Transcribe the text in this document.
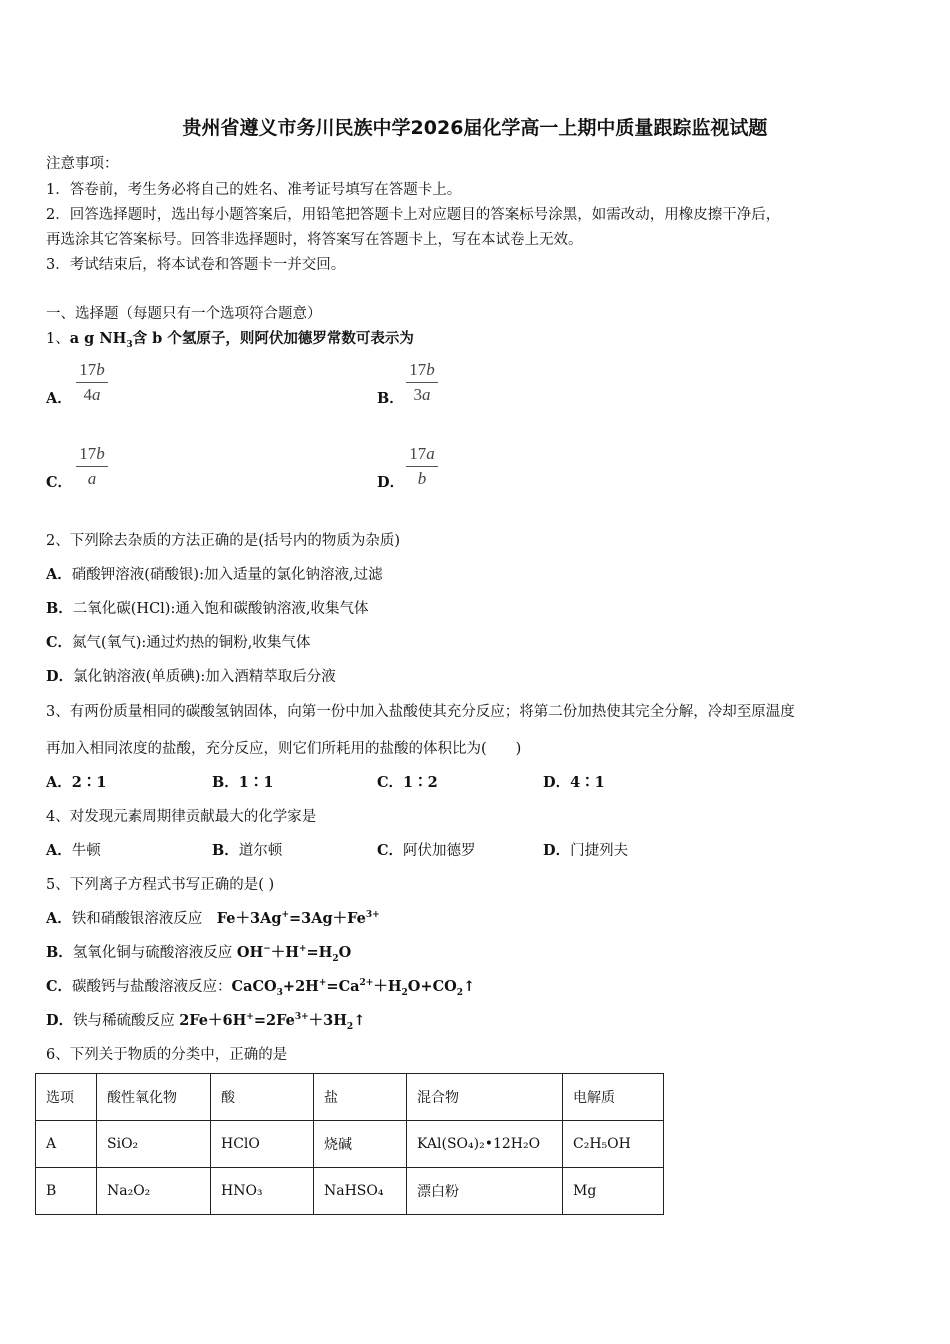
贵州省遵义市务川民族中学2026届化学高一上期中质量跟踪监视试题
注意事项：
1．答卷前，考生务必将自己的姓名、准考证号填写在答题卡上。
2．回答选择题时，选出每小题答案后，用铅笔把答题卡上对应题目的答案标号涂黑，如需改动，用橡皮擦干净后，
再选涂其它答案标号。回答非选择题时，将答案写在答题卡上，写在本试卷上无效。
3．考试结束后，将本试卷和答题卡一并交回。
一、选择题（每题只有一个选项符合题意）
1、a g $NH_3$含 b 个氢原子，则阿伏加德罗常数可表示为
A．
17b
4a	B．
17b
3a
C．
17b
a	D．
17a
b
2、下列除去杂质的方法正确的是(括号内的物质为杂质)
A．硝酸钾溶液(硝酸银):加入适量的氯化钠溶液,过滤
B．二氧化碳(HCl):通入饱和碳酸钠溶液,收集气体
C．氮气(氧气):通过灼热的铜粉,收集气体
D．氯化钠溶液(单质碘):加入酒精萃取后分液
3、有两份质量相同的碳酸氢钠固体，向第一份中加入盐酸使其充分反应；将第二份加热使其完全分解，冷却至原温度
再加入相同浓度的盐酸，充分反应，则它们所耗用的盐酸的体积比为(　　)
A．2∶1	B．1∶1	C．1∶2	D．4∶1
4、对发现元素周期律贡献最大的化学家是
A．牛顿	B．道尔顿	C．阿伏加德罗	D．门捷列夫
5、下列离子方程式书写正确的是( )
A．铁和硝酸银溶液反应　 $Fe+3Ag^+=3Ag+Fe^{3+}$
B．氢氧化铜与硫酸溶液反应 $OH^-+H^+=H_2O$
C．碳酸钙与盐酸溶液反应：$CaCO_3+2H^+=Ca^{2+}+H_2O+CO_2↑$
D．铁与稀硫酸反应 $2Fe+6H^+=2Fe^{3+}+3H_2↑$
6、下列关于物质的分类中，正确的是
选项	酸性氧化物	酸	盐	混合物	电解质
A	SiO₂	HClO	烧碱	KAl(SO₄)₂•12H₂O	C₂H₅OH
B	Na₂O₂	HNO₃	NaHSO₄	漂白粉	Mg
